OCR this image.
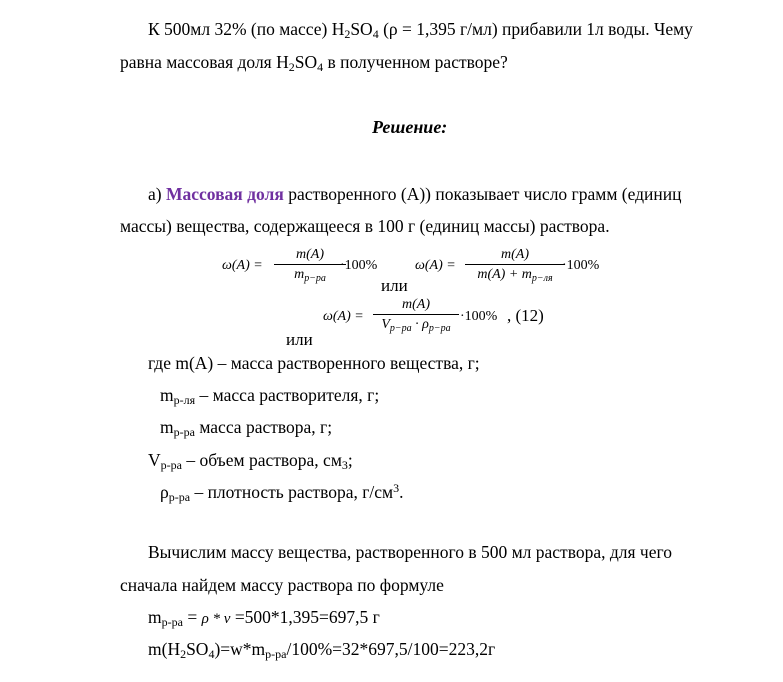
К 500мл 32% (по массе) $H_2SO_4$ (ρ = 1,395 г/мл) прибавили 1л воды. Чему
равна массовая доля $H_2SO_4$ в полученном растворе?
Решение:
а) Массовая доля растворенного (А)) показывает число грамм (единиц
массы) вещества, содержащееся в 100 г (единиц массы) раствора.
ω(A) =
m(A)
$m_{р-ра}$
·100%
или
ω(A) =
m(A)
$m(A) + m_{р-ля}$
·100%
ω(A) =
m(A)
$V_{р-ра} \cdot \rho_{р-ра}$
·100% , (12)
или
где m(А) – масса растворенного вещества, г;
$m_{р-ля}$ – масса растворителя, г;
$m_{р-ра}$ масса раствора, г;
$V_{р-ра}$ – объем раствора, $см_3$;
$\rho_{р-ра}$ – плотность раствора, $г/см^3$.
Вычислим массу вещества, растворенного в 500 мл раствора, для чего
сначала найдем массу раствора по формуле
$m_{р-ра} = \rho * \nu =500*1,395=697,5$ г
$m(H_2SO_4)=w*m_{р-ра}/100\%=32*697,5/100=223,2г$
